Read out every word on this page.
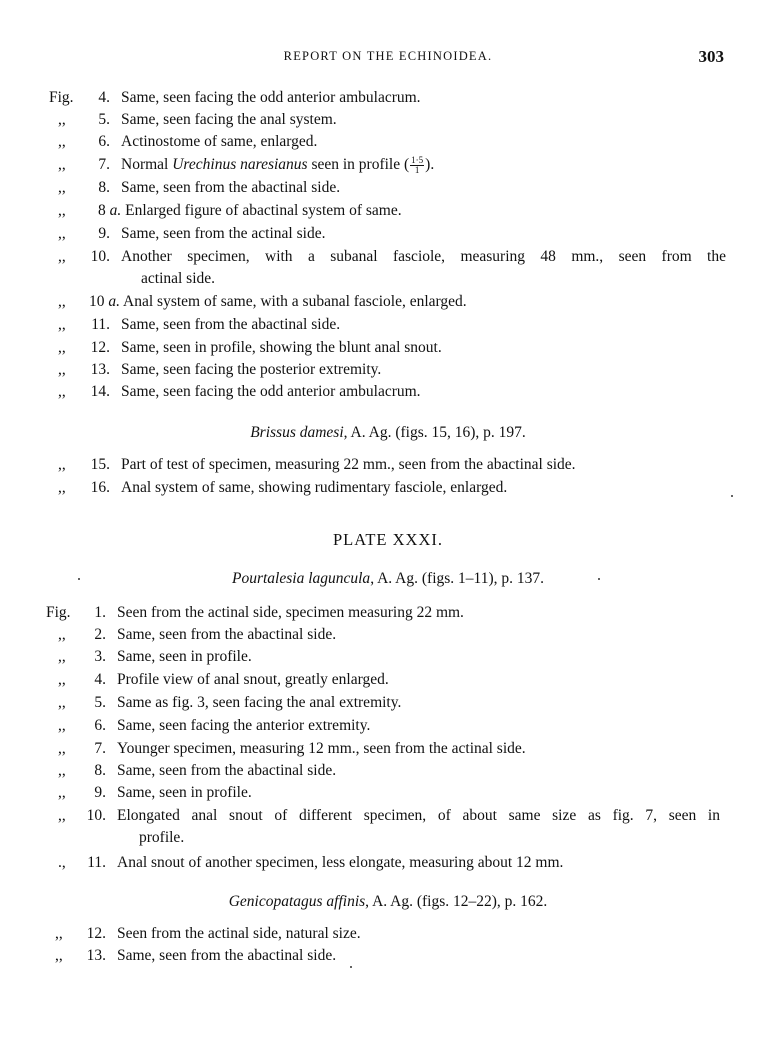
REPORT ON THE ECHINOIDEA.	303
Fig.	4. Same, seen facing the odd anterior ambulacrum.
,,	5. Same, seen facing the anal system.
,,	6. Actinostome of same, enlarged.
,,	7. Normal Urechinus naresianus seen in profile ( $\frac{1\cdot 5}{1}$ ).
,,	8. Same, seen from the abactinal side.
,, 8 a. Enlarged figure of abactinal system of same.
,,	9. Same, seen from the actinal side.
,,	10. Another specimen, with a subanal fasciole, measuring 48 mm., seen from the
actinal side.
,, 10 a. Anal system of same, with a subanal fasciole, enlarged.
,,	11. Same, seen from the abactinal side.
,,	12. Same, seen in profile, showing the blunt anal snout.
,,	13. Same, seen facing the posterior extremity.
,,	14. Same, seen facing the odd anterior ambulacrum.
Brissus damesi, A. Ag. (figs. 15, 16), p. 197.
,,	15. Part of test of specimen, measuring 22 mm., seen from the abactinal side.
,,	16. Anal system of same, showing rudimentary fasciole, enlarged.
PLATE XXXI.
Pourtalesia laguncula, A. Ag. (figs. 1–11), p. 137.
Fig.	1. Seen from the actinal side, specimen measuring 22 mm.
,,	2. Same, seen from the abactinal side.
,,	3. Same, seen in profile.
,,	4. Profile view of anal snout, greatly enlarged.
,,	5. Same as fig. 3, seen facing the anal extremity.
,,	6. Same, seen facing the anterior extremity.
,,	7. Younger specimen, measuring 12 mm., seen from the actinal side.
,,	8. Same, seen from the abactinal side.
,,	9. Same, seen in profile.
,,	10. Elongated anal snout of different specimen, of about same size as fig. 7, seen in
profile.
.,	11. Anal snout of another specimen, less elongate, measuring about 12 mm.
Genicopatagus affinis, A. Ag. (figs. 12–22), p. 162.
,,	12. Seen from the actinal side, natural size.
,,	13. Same, seen from the abactinal side.
